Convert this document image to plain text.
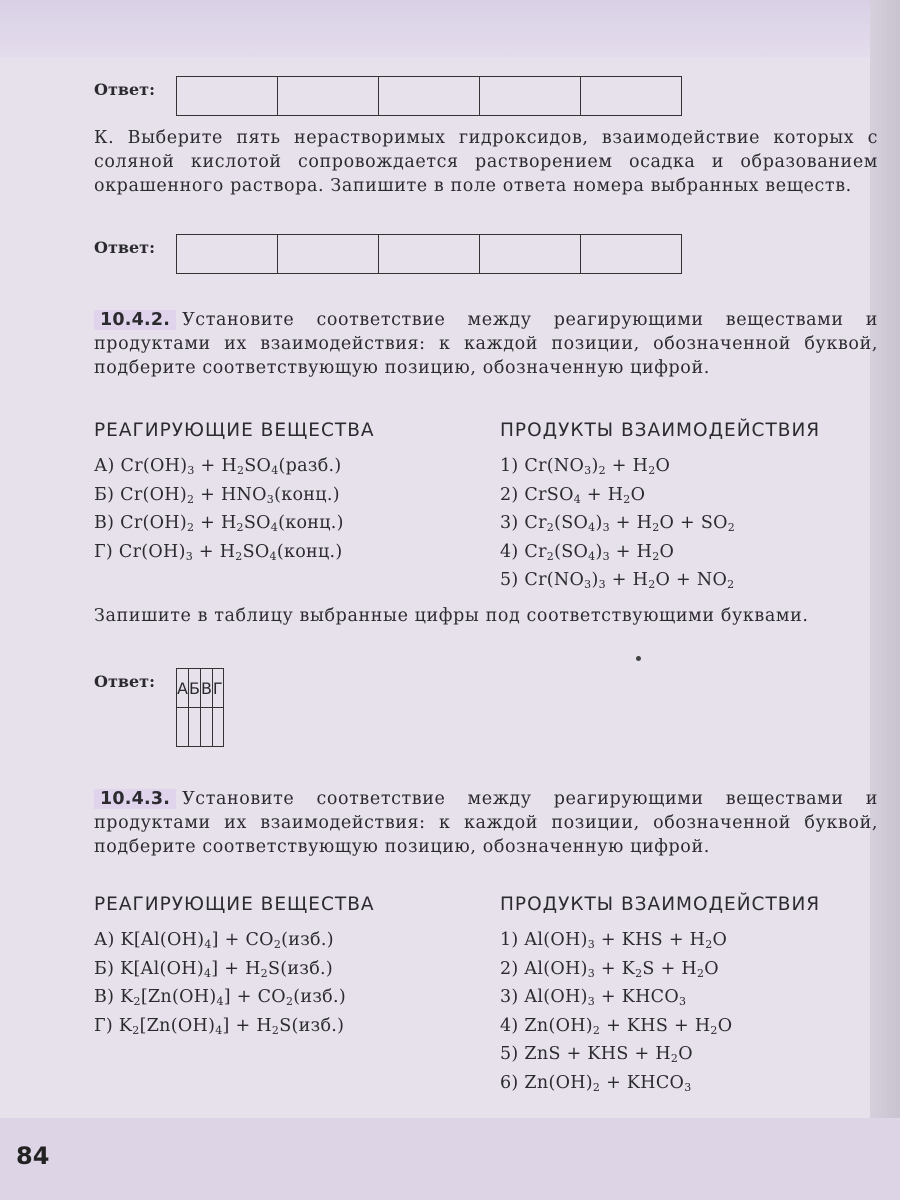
84
Ответ:
К. Выберите пять нерастворимых гидроксидов, взаимодействие которых с соляной кислотой сопровождается растворением осадка и образованием окрашенного раствора. Запишите в поле ответа номера выбранных веществ.
Ответ:
10.4.2. Установите соответствие между реагирующими веществами и продуктами их взаимодействия: к каждой позиции, обозначенной буквой, подберите соответствующую позицию, обозначенную цифрой.
РЕАГИРУЮЩИЕ ВЕЩЕСТВА	ПРОДУКТЫ ВЗАИМОДЕЙСТВИЯ
А) $Cr(OH)_3$ + $H_2SO_4(разб.)$
Б) $Cr(OH)_2$ + $HNO_3(конц.)$
В) $Cr(OH)_2$ + $H_2SO_4(конц.)$
Г) $Cr(OH)_3$ + $H_2SO_4(конц.)$
1) $Cr(NO_3)_2 + H_2O$
2) CrSO$_4$ + $H_2O$
3) $Cr_2(SO_4)_3 + H_2O + SO_2$
4) $Cr_2(SO_4)_3 + H_2O$
5) $Cr(NO_3)_3 + H_2O + NO_2$
Запишите в таблицу выбранные цифры под соответствующими буквами.
Ответ: А	Б	В	Г

10.4.3. Установите соответствие между реагирующими веществами и продуктами их взаимодействия: к каждой позиции, обозначенной буквой, подберите соответствующую позицию, обозначенную цифрой.
РЕАГИРУЮЩИЕ ВЕЩЕСТВА	ПРОДУКТЫ ВЗАИМОДЕЙСТВИЯ
А) $K[Al(OH)_4] + CO_2(изб.)$
Б) $K[Al(OH)_4] + H_2S(изб.)$
В) $K_2[Zn(OH)_4] + CO_2(изб.)$
Г) $K_2[Zn(OH)_4] + H_2S(изб.)$
1) $Al(OH)_3$ + KHS + $H_2O$
2) $Al(OH)_3 + K_2S + H_2O$
3) $Al(OH)_3$ + $KHCO_3$
4) $Zn(OH)_2$ + KHS + $H_2O$
5) ZnS + KHS + $H_2O$
6) $Zn(OH)_2$ + $KHCO_3$
